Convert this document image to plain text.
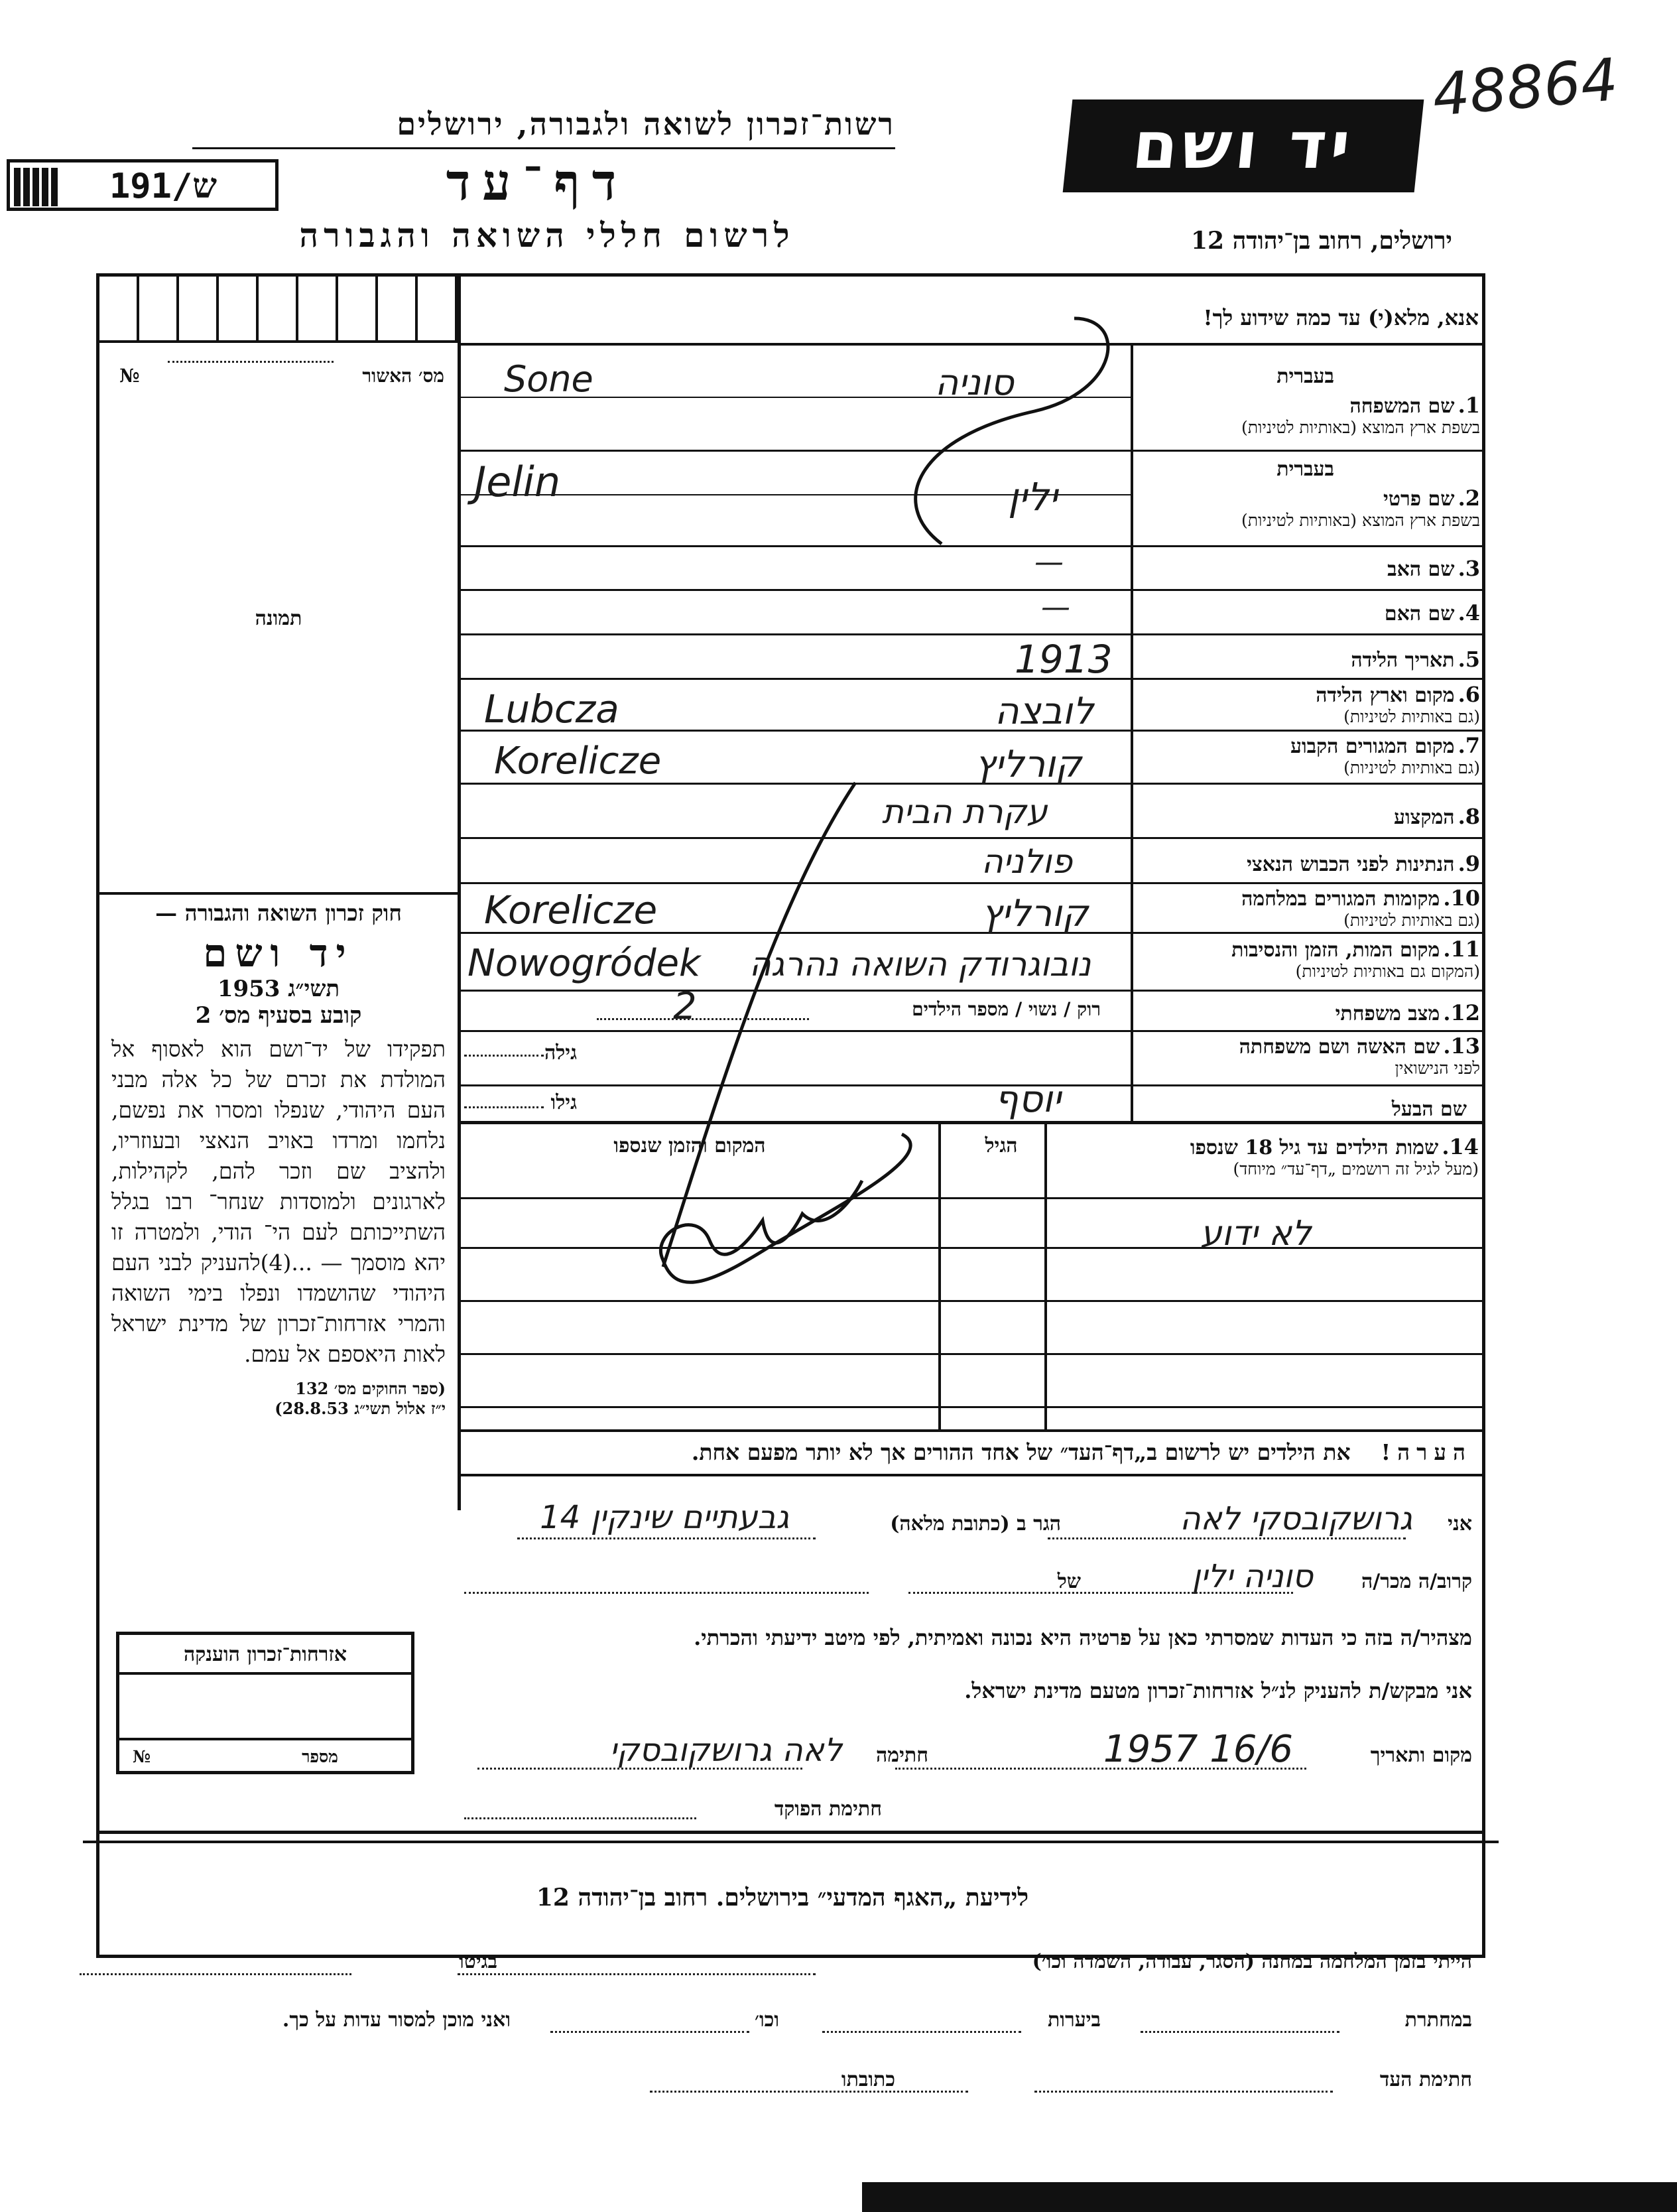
רשות־זכרון לשואה ולגבורה, ירושלים
191/ש	דף־עד
לרשום חללי השואה והגבורה
יד ושם
48864
ירושלים, רחוב בן־יהודה 12
מס׳ האשור
№
תמונה
חוק זכרון השואה והגבורה —
יד ושם
תשי״ג 1953
קובע בסעיף מס׳ 2
תפקידו של יד־ושם הוא לאסוף אל המולדת את זכרם של כל אלה מבני העם היהודי, שנפלו ומסרו את נפשם, נלחמו ומרדו באויב הנאצי ובעוזריו, ולהציב שם וזכר להם, לקהילות, לארגונים ולמוסדות שנחר־ רבו בגלל השתייכותם לעם הי־ הודי, ולמטרה זו יהא מוסמך — ...(4)להעניק לבני העם היהודי שהושמדו ונפלו בימי השואה והמרי אזרחות־זכרון של מדינת ישראל לאות היאספם אל עמם.
(ספר החוקים מס׳ 132
י״ז אלול תשי״ג 28.8.53)
אנא, מלא(י) עד כמה שידוע לך!
בעברית
1. שם המשפחה
בשפת ארץ המוצא (באותיות לטיניות)
בעברית
2. שם פרטי
בשפת ארץ המוצא (באותיות לטיניות)
3. שם האב
4. שם האם
5. תאריך הלידה
6. מקום וארץ הלידה
(גם באותיות לטיניות)
7. מקום המגורים הקבוע
(גם באותיות לטיניות)
8. המקצוע
9. הנתינות לפני הכבוש הנאצי
10. מקומות המגורים במלחמה
(גם באותיות לטיניות)
11. מקום המות, הזמן והנסיבות
(המקום גם באותיות לטיניות)
12. מצב משפחתי
13. שם האשה ושם משפחתה
לפני הנישואין
שם הבעל
סוניה
Sone
ילין
Jelin
—
—
1913
לובצה
Lubcza
קורליץ
Korelicze
עקרת הבית
פולניה
קורליץ
Korelicze
נובוגרודק השואה נהרגה
Nowogródek
רוק / נשוי / מספר הילדים
2
גילה
גילו	יוסף
14. שמות הילדים עד גיל 18 שנספו
(מעל לגיל זה רושמים „דף־עד״ מיוחד)
הגיל
המקום והזמן שנספו
לא ידוע
הערה!    את הילדים יש לרשום ב„דף־העד״ של אחד ההורים אך לא יותר מפעם אחת.
אני
גרושקובסקי לאה
הגר ב (כתובת מלאה)
גבעתיים שינקין 14
קרוב/ה מכר/ה
סוניה ילין
של
מצהיר/ה בזה כי העדות שמסרתי כאן על פרטיה היא נכונה ואמיתית, לפי מיטב ידיעתי והכרתי.
אני מבקש/ת להעניק לנ״ל אזרחות־זכרון מטעם מדינת ישראל.
מקום ותאריך
16/6 1957
חתימה
לאה גרושקובסקי
חתימת הפוקד
אזרחות־זכרון הוענקה
מספר
№
לידיעת „האגף המדעי״ בירושלים. רחוב בן־יהודה 12
הייתי בזמן המלחמה במחנה (הסגר, עבודה, השמדה וכו׳)
בגיטו
במחתרת
ביערות
וכו׳
ואני מוכן למסור עדות על כך.
חתימת העד
כתובתו
